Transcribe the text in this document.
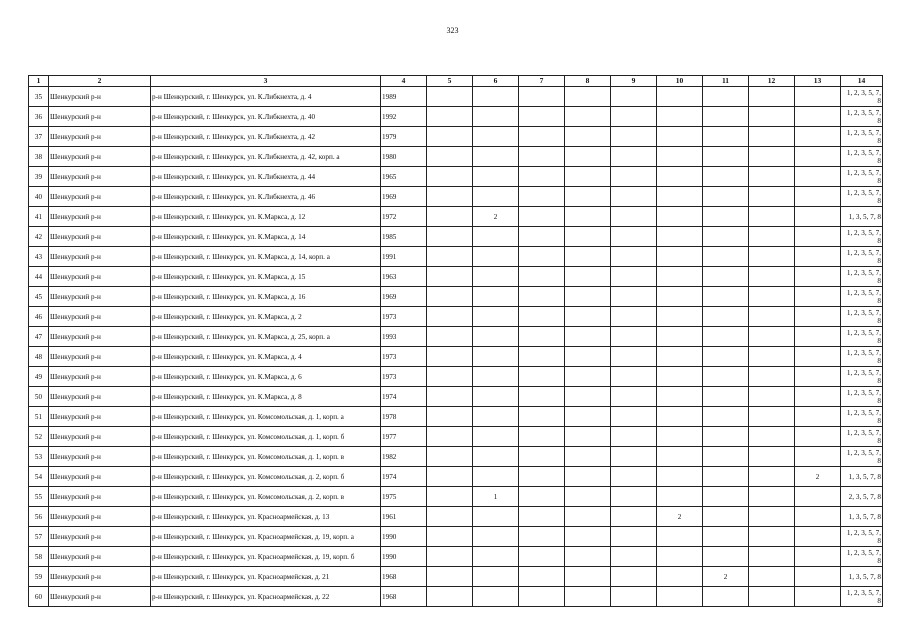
323
1	2	3	4	5	6	7	8	9	10	11	12	13	14
35	Шенкурский р-н	р-н Шенкурский, г. Шенкурск, ул. К.Либкнехта, д. 4	1989										1, 2, 3, 5, 7, 8
36	Шенкурский р-н	р-н Шенкурский, г. Шенкурск, ул. К.Либкнехта, д. 40	1992										1, 2, 3, 5, 7, 8
37	Шенкурский р-н	р-н Шенкурский, г. Шенкурск, ул. К.Либкнехта, д. 42	1979										1, 2, 3, 5, 7, 8
38	Шенкурский р-н	р-н Шенкурский, г. Шенкурск, ул. К.Либкнехта, д. 42, корп. а	1980										1, 2, 3, 5, 7, 8
39	Шенкурский р-н	р-н Шенкурский, г. Шенкурск, ул. К.Либкнехта, д. 44	1965										1, 2, 3, 5, 7, 8
40	Шенкурский р-н	р-н Шенкурский, г. Шенкурск, ул. К.Либкнехта, д. 46	1969										1, 2, 3, 5, 7, 8
41	Шенкурский р-н	р-н Шенкурский, г. Шенкурск, ул. К.Маркса, д. 12	1972		2								1, 3, 5, 7, 8
42	Шенкурский р-н	р-н Шенкурский, г. Шенкурск, ул. К.Маркса, д. 14	1985										1, 2, 3, 5, 7, 8
43	Шенкурский р-н	р-н Шенкурский, г. Шенкурск, ул. К.Маркса, д. 14, корп. а	1991										1, 2, 3, 5, 7, 8
44	Шенкурский р-н	р-н Шенкурский, г. Шенкурск, ул. К.Маркса, д. 15	1963										1, 2, 3, 5, 7, 8
45	Шенкурский р-н	р-н Шенкурский, г. Шенкурск, ул. К.Маркса, д. 16	1969										1, 2, 3, 5, 7, 8
46	Шенкурский р-н	р-н Шенкурский, г. Шенкурск, ул. К.Маркса, д. 2	1973										1, 2, 3, 5, 7, 8
47	Шенкурский р-н	р-н Шенкурский, г. Шенкурск, ул. К.Маркса, д. 25, корп. а	1993										1, 2, 3, 5, 7, 8
48	Шенкурский р-н	р-н Шенкурский, г. Шенкурск, ул. К.Маркса, д. 4	1973										1, 2, 3, 5, 7, 8
49	Шенкурский р-н	р-н Шенкурский, г. Шенкурск, ул. К.Маркса, д. 6	1973										1, 2, 3, 5, 7, 8
50	Шенкурский р-н	р-н Шенкурский, г. Шенкурск, ул. К.Маркса, д. 8	1974										1, 2, 3, 5, 7, 8
51	Шенкурский р-н	р-н Шенкурский, г. Шенкурск, ул. Комсомольская, д. 1, корп. а	1978										1, 2, 3, 5, 7, 8
52	Шенкурский р-н	р-н Шенкурский, г. Шенкурск, ул. Комсомольская, д. 1, корп. б	1977										1, 2, 3, 5, 7, 8
53	Шенкурский р-н	р-н Шенкурский, г. Шенкурск, ул. Комсомольская, д. 1, корп. в	1982										1, 2, 3, 5, 7, 8
54	Шенкурский р-н	р-н Шенкурский, г. Шенкурск, ул. Комсомольская, д. 2, корп. б	1974									2	1, 3, 5, 7, 8
55	Шенкурский р-н	р-н Шенкурский, г. Шенкурск, ул. Комсомольская, д. 2, корп. в	1975		1								2, 3, 5, 7, 8
56	Шенкурский р-н	р-н Шенкурский, г. Шенкурск, ул. Красноармейская, д. 13	1961						2				1, 3, 5, 7, 8
57	Шенкурский р-н	р-н Шенкурский, г. Шенкурск, ул. Красноармейская, д. 19, корп. а	1990										1, 2, 3, 5, 7, 8
58	Шенкурский р-н	р-н Шенкурский, г. Шенкурск, ул. Красноармейская, д. 19, корп. б	1990										1, 2, 3, 5, 7, 8
59	Шенкурский р-н	р-н Шенкурский, г. Шенкурск, ул. Красноармейская, д. 21	1968							2			1, 3, 5, 7, 8
60	Шенкурский р-н	р-н Шенкурский, г. Шенкурск, ул. Красноармейская, д. 22	1968										1, 2, 3, 5, 7, 8
